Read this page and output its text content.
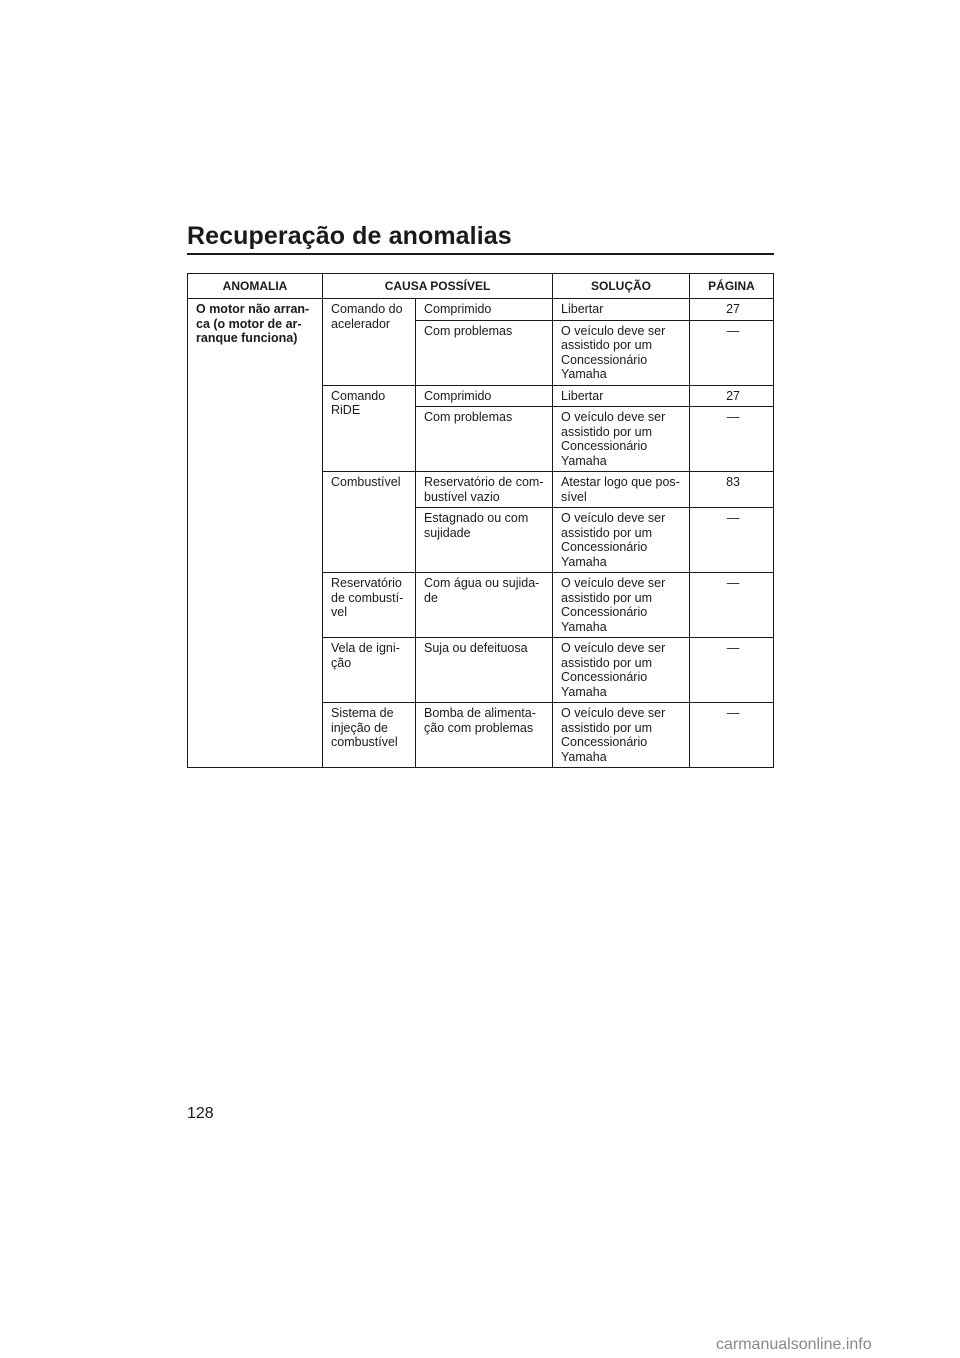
Recuperação de anomalias
ANOMALIA	CAUSA POSSÍVEL		SOLUÇÃO	PÁGINA
O motor não arran-
ca (o motor de ar-
ranque funciona)	Comando do
acelerador	Comprimido	Libertar	27
		Com problemas	O veículo deve ser
assistido por um
Concessionário
Yamaha	—
	Comando
RiDE	Comprimido	Libertar	27
		Com problemas	O veículo deve ser
assistido por um
Concessionário
Yamaha	—
	Combustível	Reservatório de com-
bustível vazio	Atestar logo que pos-
sível	83
		Estagnado ou com
sujidade	O veículo deve ser
assistido por um
Concessionário
Yamaha	—
	Reservatório
de combustí-
vel	Com água ou sujida-
de	O veículo deve ser
assistido por um
Concessionário
Yamaha	—
	Vela de igni-
ção	Suja ou defeituosa	O veículo deve ser
assistido por um
Concessionário
Yamaha	—
	Sistema de
injeção de
combustível	Bomba de alimenta-
ção com problemas	O veículo deve ser
assistido por um
Concessionário
Yamaha	—
128
carmanualsonline.info
